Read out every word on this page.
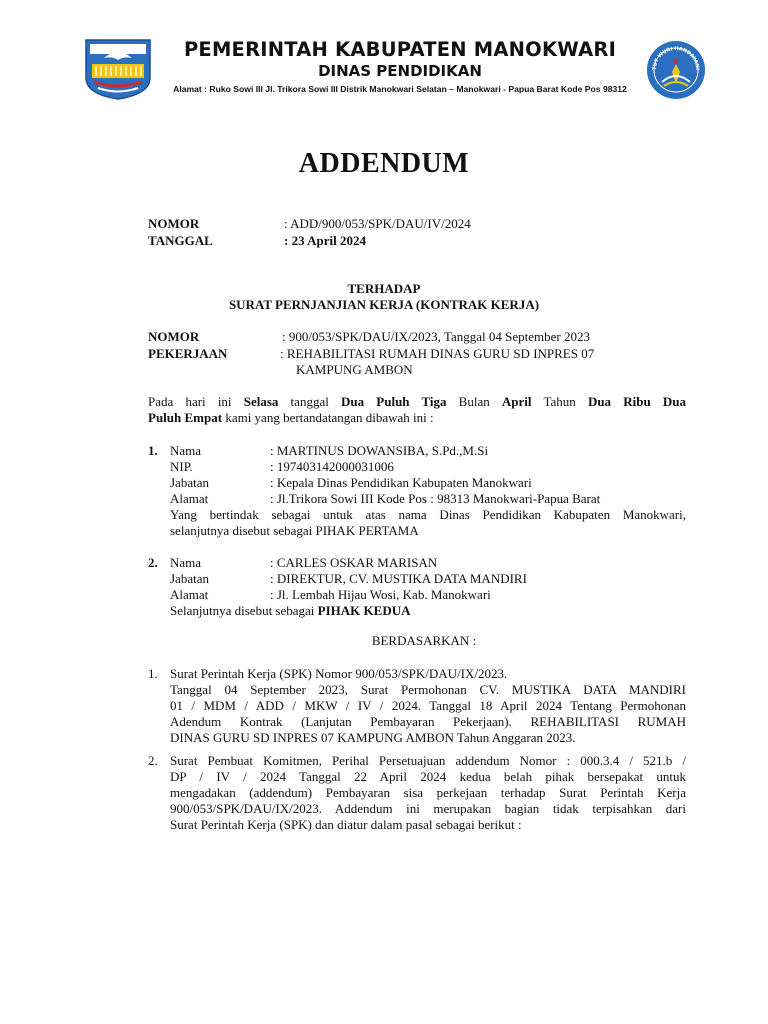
PEMERINTAH KABUPATEN MANOKWARI
DINAS PENDIDIKAN
Alamat : Ruko Sowi III Jl. Trikora Sowi III Distrik Manokwari Selatan – Manokwari - Papua Barat Kode Pos 98312
TUT WURI HANDAYANI
ADDENDUM
NOMOR	: ADD/900/053/SPK/DAU/IV/2024
TANGGAL	: 23 April 2024
TERHADAP
SURAT PERNJANJIAN KERJA (KONTRAK KERJA)
NOMOR	: 900/053/SPK/DAU/IX/2023, Tanggal 04 September 2023
PEKERJAAN	: REHABILITASI RUMAH DINAS GURU SD INPRES 07
KAMPUNG AMBON
Pada hari ini Selasa tanggal Dua Puluh Tiga Bulan April Tahun Dua Ribu Dua
Puluh Empat kami yang bertandatangan dibawah ini :
1. Nama	: MARTINUS DOWANSIBA, S.Pd.,M.Si
NIP.	: 197403142000031006
Jabatan	: Kepala Dinas Pendidikan Kabupaten Manokwari
Alamat	: Jl.Trikora Sowi III Kode Pos : 98313 Manokwari-Papua Barat
Yang bertindak sebagai untuk atas nama Dinas Pendidikan Kabupaten Manokwari,
selanjutnya disebut sebagai PIHAK PERTAMA
2. Nama	: CARLES OSKAR MARISAN
Jabatan	: DIREKTUR, CV. MUSTIKA DATA MANDIRI
Alamat	: Jl. Lembah Hijau Wosi, Kab. Manokwari
Selanjutnya disebut sebagai PIHAK KEDUA
BERDASARKAN :
1. Surat Perintah Kerja (SPK) Nomor 900/053/SPK/DAU/IX/2023.
Tanggal 04 September 2023, Surat Permohonan CV. MUSTIKA DATA MANDIRI
01 / MDM / ADD / MKW / IV / 2024. Tanggal 18 April 2024 Tentang Permohonan
Adendum Kontrak (Lanjutan Pembayaran Pekerjaan). REHABILITASI RUMAH
DINAS GURU SD INPRES 07 KAMPUNG AMBON Tahun Anggaran 2023.
2. Surat Pembuat Komitmen, Perihal Persetuajuan addendum Nomor : 000.3.4 / 521.b /
DP / IV / 2024 Tanggal 22 April 2024 kedua belah pihak bersepakat untuk
mengadakan (addendum) Pembayaran sisa perkejaan terhadap Surat Perintah Kerja
900/053/SPK/DAU/IX/2023. Addendum ini merupakan bagian tidak terpisahkan dari
Surat Perintah Kerja (SPK) dan diatur dalam pasal sebagai berikut :
